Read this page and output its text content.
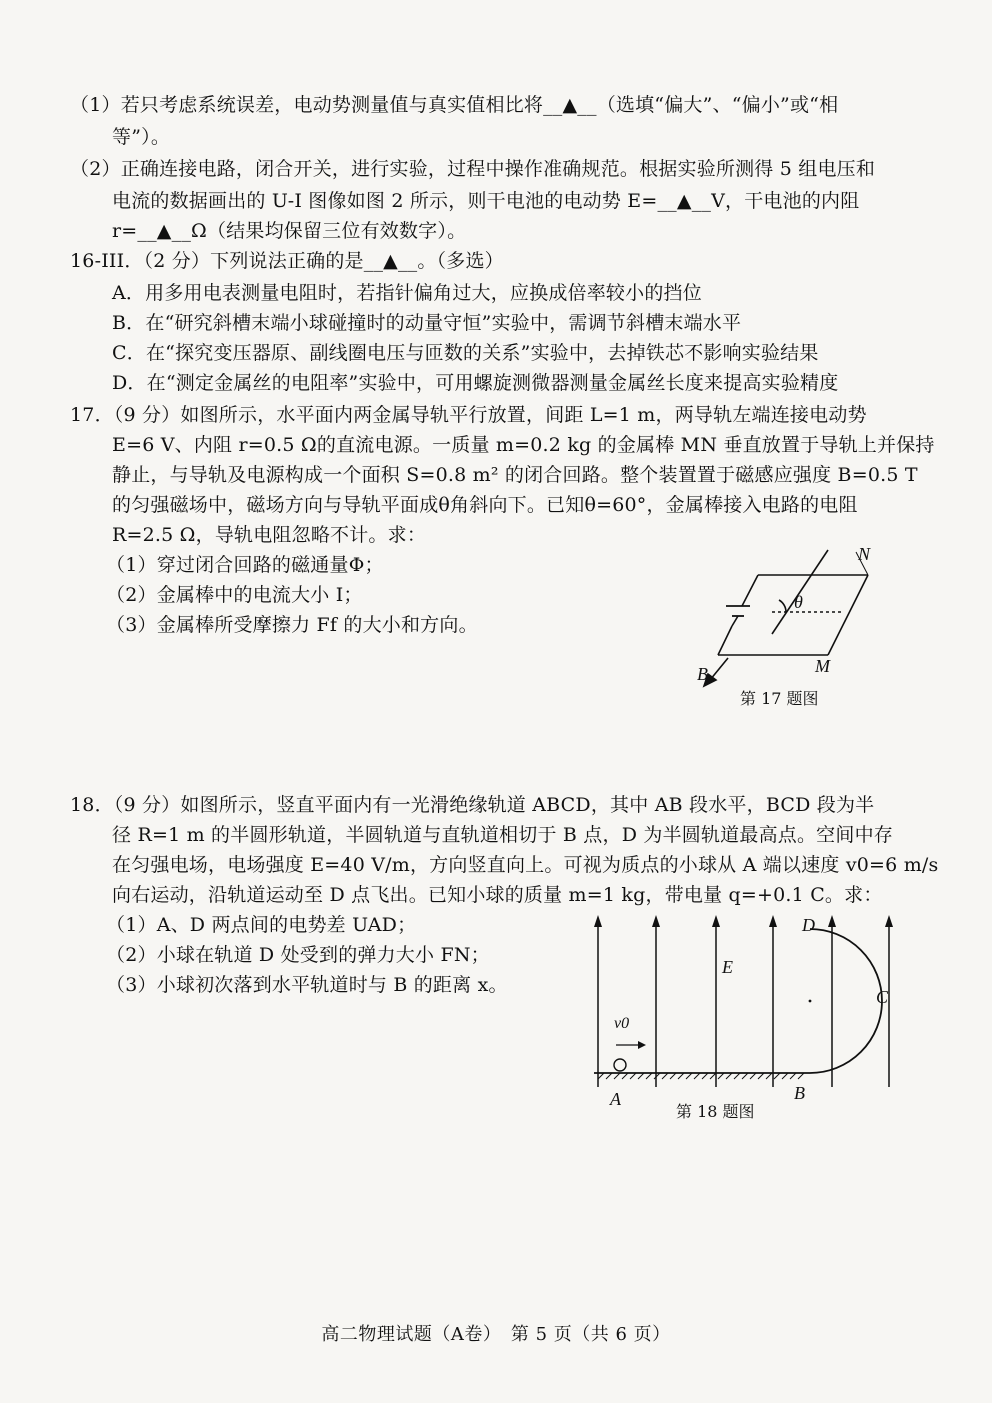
（1）若只考虑系统误差，电动势测量值与真实值相比将__▲__（选填“偏大”、“偏小”或“相
等”）。
（2）正确连接电路，闭合开关，进行实验，过程中操作准确规范。根据实验所测得 5 组电压和
电流的数据画出的 U-I 图像如图 2 所示，则干电池的电动势 E=__▲__V，干电池的内阻
r=__▲__Ω（结果均保留三位有效数字）。
16-III．（2 分）下列说法正确的是__▲__。（多选）
A．用多用电表测量电阻时，若指针偏角过大，应换成倍率较小的挡位
B．在“研究斜槽末端小球碰撞时的动量守恒”实验中，需调节斜槽末端水平
C．在“探究变压器原、副线圈电压与匝数的关系”实验中，去掉铁芯不影响实验结果
D．在“测定金属丝的电阻率”实验中，可用螺旋测微器测量金属丝长度来提高实验精度
17．（9 分）如图所示，水平面内两金属导轨平行放置，间距 L=1 m，两导轨左端连接电动势
E=6 V、内阻 r=0.5 Ω的直流电源。一质量 m=0.2 kg 的金属棒 MN 垂直放置于导轨上并保持
静止，与导轨及电源构成一个面积 S=0.8 m² 的闭合回路。整个装置置于磁感应强度 B=0.5 T
的匀强磁场中，磁场方向与导轨平面成θ角斜向下。已知θ=60°，金属棒接入电路的电阻
R=2.5 Ω，导轨电阻忽略不计。求：
（1）穿过闭合回路的磁通量Φ；
（2）金属棒中的电流大小 I；
（3）金属棒所受摩擦力 Ff 的大小和方向。
N
M
B
θ
第 17 题图
18．（9 分）如图所示，竖直平面内有一光滑绝缘轨道 ABCD，其中 AB 段水平，BCD 段为半
径 R=1 m 的半圆形轨道，半圆轨道与直轨道相切于 B 点，D 为半圆轨道最高点。空间中存
在匀强电场，电场强度 E=40 V/m，方向竖直向上。可视为质点的小球从 A 端以速度 v0=6 m/s
向右运动，沿轨道运动至 D 点飞出。已知小球的质量 m=1 kg，带电量 q=+0.1 C。求：
（1）A、D 两点间的电势差 UAD；
（2）小球在轨道 D 处受到的弹力大小 FN；
（3）小球初次落到水平轨道时与 B 的距离 x。
D
C
E
v0
A	B
第 18 题图
高二物理试题（A卷）　第 5 页（共 6 页）
